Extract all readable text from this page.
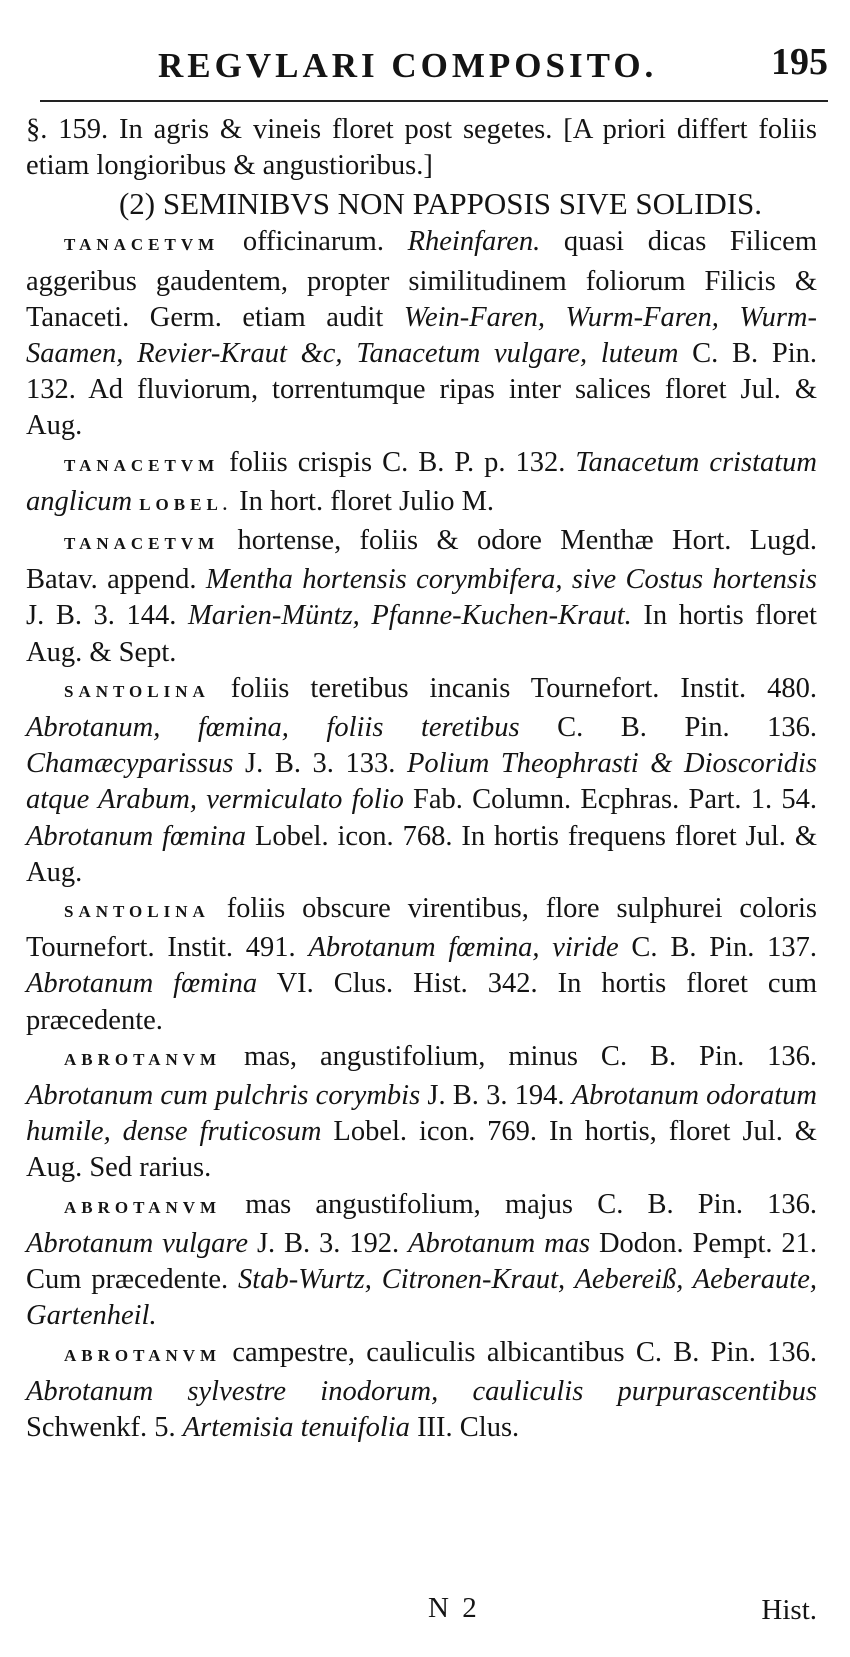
REGVLARI COMPOSITO.	195

§. 159. In agris & vineis floret post segetes. [A priori differt foliis etiam longioribus & angustioribus.]

(2) SEMINIBVS NON PAPPOSIS SIVE SOLIDIS.

TANACETVM officinarum. Rheinfaren. quasi dicas Filicem aggeribus gaudentem, propter similitudinem foliorum Filicis & Tanaceti. Germ. etiam audit Wein-Faren, Wurm-Faren, Wurm-Saamen, Revier-Kraut &c, Tanacetum vulgare, luteum C. B. Pin. 132. Ad fluviorum, torrentumque ripas inter salices floret Jul. & Aug.

TANACETVM foliis crispis C. B. P. p. 132. Tanacetum cristatum anglicum LOBEL. In hort. floret Julio M.

TANACETVM hortense, foliis & odore Menthæ Hort. Lugd. Batav. append. Mentha hortensis corymbifera, sive Costus hortensis J. B. 3. 144. Marien-Müntz, Pfanne-Kuchen-Kraut. In hortis floret Aug. & Sept.

SANTOLINA foliis teretibus incanis Tournefort. Instit. 480. Abrotanum, fœmina, foliis teretibus C. B. Pin. 136. Chamæcyparissus J. B. 3. 133. Polium Theophrasti & Dioscoridis atque Arabum, vermiculato folio Fab. Column. Ecphras. Part. 1. 54. Abrotanum fœmina Lobel. icon. 768. In hortis frequens floret Jul. & Aug.

SANTOLINA foliis obscure virentibus, flore sulphurei coloris Tournefort. Instit. 491. Abrotanum fœmina, viride C. B. Pin. 137. Abrotanum fœmina VI. Clus. Hist. 342. In hortis floret cum præcedente.

ABROTANVM mas, angustifolium, minus C. B. Pin. 136. Abrotanum cum pulchris corymbis J. B. 3. 194. Abrotanum odoratum humile, dense fruticosum Lobel. icon. 769. In hortis, floret Jul. & Aug. Sed rarius.

ABROTANVM mas angustifolium, majus C. B. Pin. 136. Abrotanum vulgare J. B. 3. 192. Abrotanum mas Dodon. Pempt. 21. Cum præcedente. Stab-Wurtz, Citronen-Kraut, Aebereiß, Aeberaute, Gartenheil.

ABROTANVM campestre, cauliculis albicantibus C. B. Pin. 136. Abrotanum sylvestre inodorum, cauliculis purpurascentibus Schwenkf. 5. Artemisia tenuifolia III. Clus.

N 2	Hist.
